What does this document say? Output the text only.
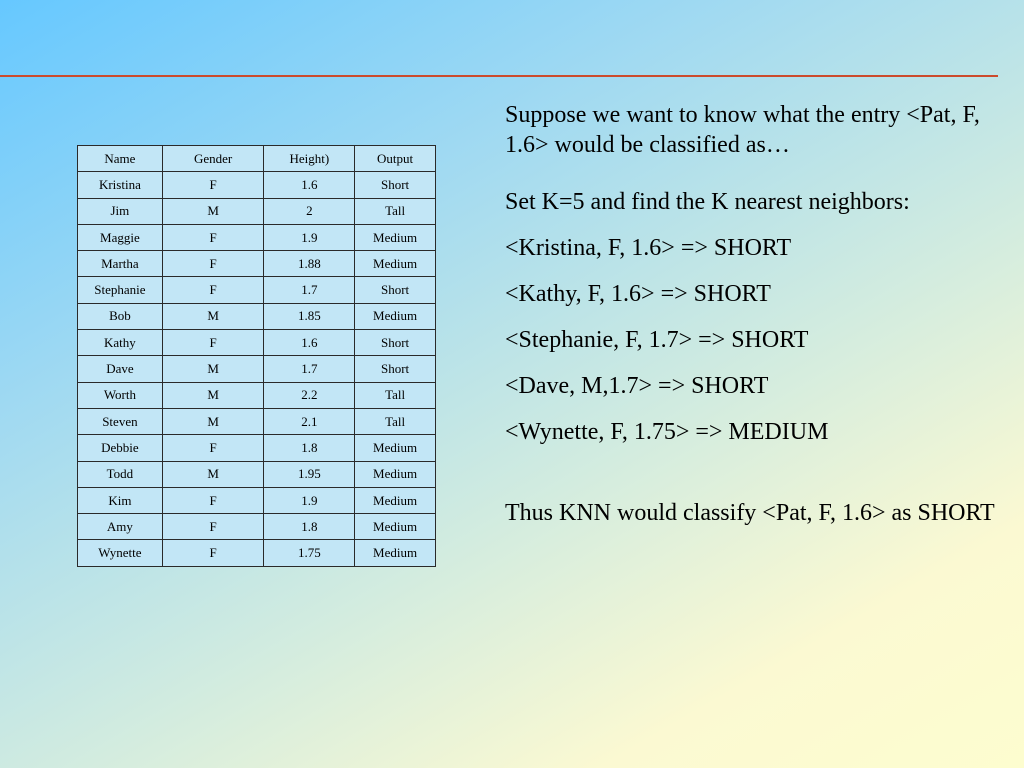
Name	Gender	Height)	Output
Kristina	F	1.6	Short
Jim	M	2	Tall
Maggie	F	1.9	Medium
Martha	F	1.88	Medium
Stephanie	F	1.7	Short
Bob	M	1.85	Medium
Kathy	F	1.6	Short
Dave	M	1.7	Short
Worth	M	2.2	Tall
Steven	M	2.1	Tall
Debbie	F	1.8	Medium
Todd	M	1.95	Medium
Kim	F	1.9	Medium
Amy	F	1.8	Medium
Wynette	F	1.75	Medium

Suppose we want to know what the entry <Pat, F, 1.6> would be classified as…

Set K=5 and find the K nearest neighbors:

<Kristina, F, 1.6> => SHORT

<Kathy, F, 1.6> => SHORT

<Stephanie, F, 1.7> => SHORT

<Dave, M,1.7> => SHORT

<Wynette, F, 1.75> => MEDIUM

Thus KNN would classify <Pat, F, 1.6> as SHORT
